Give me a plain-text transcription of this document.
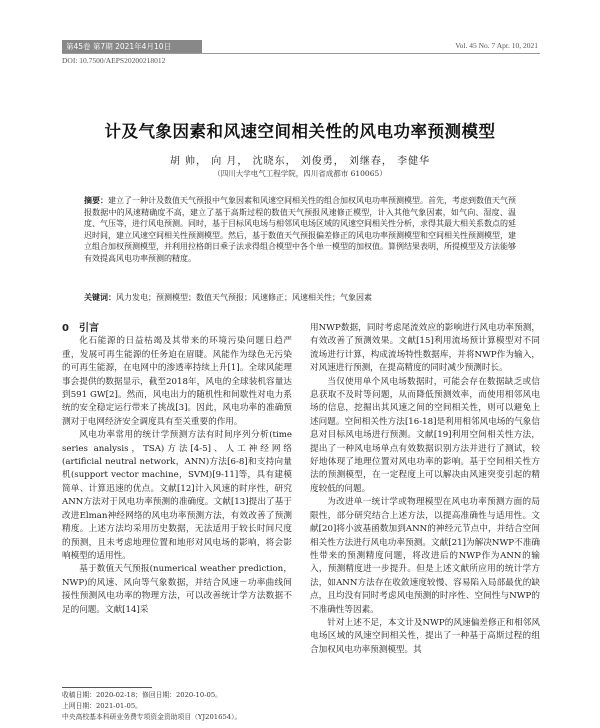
第45卷 第7期 2021年4月10日	Vol. 45 No. 7 Apr. 10, 2021
DOI: 10.7500/AEPS20200218012
计及气象因素和风速空间相关性的风电功率预测模型
胡 帅， 向 月， 沈晓东， 刘俊勇， 刘继春， 李健华
（四川大学电气工程学院，四川省成都市 610065）
摘要：建立了一种计及数值天气预报中气象因素和风速空间相关性的组合加权风电功率预测模型。首先，考虑到数值天气预报数据中的风速精确度不高，建立了基于高斯过程的数值天气预报风速修正模型，计入其他气象因素，如气向、湿度、温度、气压等，进行风电预测。同时，基于目标风电场与相邻风电场区域的风速空间相关性分析，求得其最大相关系数点的延迟时间，建立风速空间相关性预测模型。然后，基于数值天气预报偏差修正的风电功率预测模型和空间相关性预测模型，建立组合加权预测模型，并利用拉格朗日乘子法求得组合模型中各个单一模型的加权值。算例结果表明，所提模型及方法能够有效提高风电功率预测的精度。
关键词：风力发电；预测模型；数值天气预报；风速修正；风速相关性；气象因素

0　引言

化石能源的日益枯竭及其带来的环境污染问题日趋严重，发展可再生能源的任务迫在眉睫。风能作为绿色无污染的可再生能源，在电网中的渗透率持续上升[1]。全球风能理事会提供的数据显示，截至2018年，风电的全球装机容量达到591 GW[2]。然而，风电出力的随机性和间歇性对电力系统的安全稳定运行带来了挑战[3]。因此，风电功率的准确预测对于电网经济安全调度具有至关重要的作用。

风电功率常用的统计学预测方法有时间序列分析(time series analysis，TSA)方法[4-5]、人工神经网络(artificial neutral network，ANN)方法[6-8]和支持向量机(support vector machine，SVM)[9-11]等，具有建模简单、计算迅速的优点。文献[12]计入风速的时序性，研究ANN方法对于风电功率预测的准确度。文献[13]提出了基于改进Elman神经网络的风电功率预测方法，有效改善了预测精度。上述方法均采用历史数据，无法适用于较长时间尺度的预测，且未考虑地理位置和地形对风电场的影响，将会影响模型的适用性。

基于数值天气预报(numerical weather prediction，NWP)的风速、风向等气象数据，并结合风速－功率曲线间接性预测风电功率的物理方法，可以改善统计学方法数据不足的问题。文献[14]采

用NWP数据，同时考虑尾流效应的影响进行风电功率预测，有效改善了预测效果。文献[15]利用流场预计算模型对不同流场进行计算，构成流场特性数据库，并将NWP作为输入，对风速进行预测，在提高精度的同时减少预测时长。

当仅使用单个风电场数据时，可能会存在数据缺乏或信息获取不及时等问题，从而降低预测效率，而使用相邻风电场的信息，挖掘出其风速之间的空间相关性，则可以避免上述问题。空间相关性方法[16-18]是利用相邻风电场的气象信息对目标风电场进行预测。文献[19]利用空间相关性方法，提出了一种风电场单点有效数据识别方法并进行了测试，较好地体现了地理位置对风电功率的影响。基于空间相关性方法的预测模型，在一定程度上可以解决由风速突变引起的精度较低的问题。

为改进单一统计学或物理模型在风电功率预测方面的局限性，部分研究结合上述方法，以提高准确性与适用性。文献[20]将小波基函数加到ANN的神经元节点中，并结合空间相关性方法进行风电功率预测。文献[21]为解决NWP不准确性带来的预测精度问题，将改进后的NWP作为ANN的输入，预测精度进一步提升。但是上述文献所应用的统计学方法，如ANN方法存在收敛速度较慢、容易陷入局部最优的缺点，且均没有同时考虑风电预测的时序性、空间性与NWP的不准确性等因素。

针对上述不足，本文计及NWP的风速偏差修正和相邻风电场区域的风速空间相关性，提出了一种基于高斯过程的组合加权风电功率预测模型。其

收稿日期：2020-02-18；修回日期：2020-10-05。
上网日期：2021-01-05。
中央高校基本科研业务费专项资金资助项目（YJ201654）。
